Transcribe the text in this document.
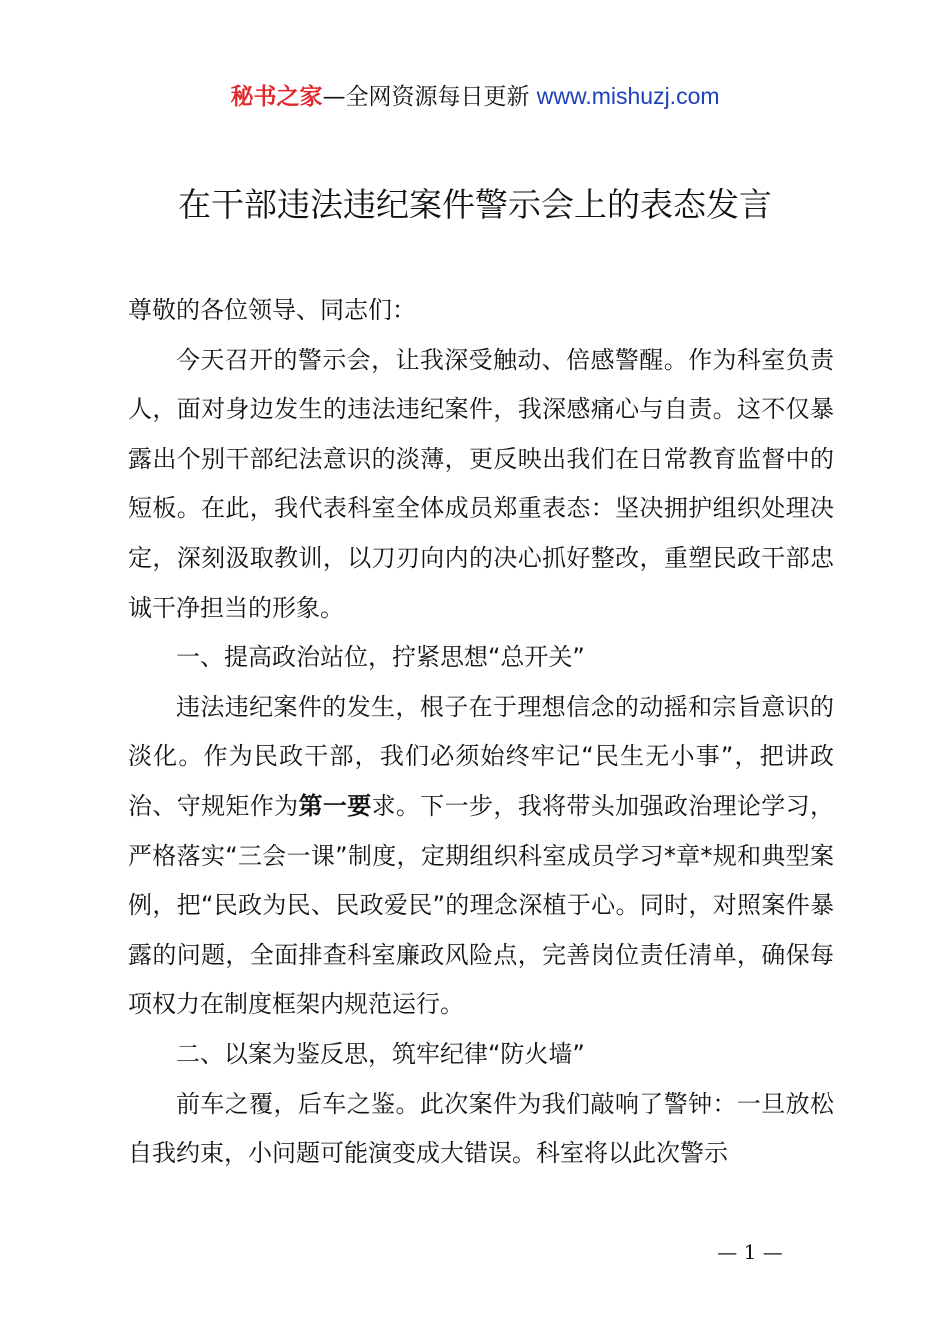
秘书之家—全网资源每日更新 www.mishuzj.com
在干部违法违纪案件警示会上的表态发言

尊敬的各位领导、同志们：

今天召开的警示会，让我深受触动、倍感警醒。作为科室负责人，面对身边发生的违法违纪案件，我深感痛心与自责。这不仅暴露出个别干部纪法意识的淡薄，更反映出我们在日常教育监督中的短板。在此，我代表科室全体成员郑重表态：坚决拥护组织处理决定，深刻汲取教训，以刀刃向内的决心抓好整改，重塑民政干部忠诚干净担当的形象。

一、提高政治站位，拧紧思想“总开关”

违法违纪案件的发生，根子在于理想信念的动摇和宗旨意识的淡化。作为民政干部，我们必须始终牢记“民生无小事”，把讲政治、守规矩作为第一要求。下一步，我将带头加强政治理论学习，严格落实“三会一课”制度，定期组织科室成员学习*章*规和典型案例，把“民政为民、民政爱民”的理念深植于心。同时，对照案件暴露的问题，全面排查科室廉政风险点，完善岗位责任清单，确保每项权力在制度框架内规范运行。

二、以案为鉴反思，筑牢纪律“防火墙”

前车之覆，后车之鉴。此次案件为我们敲响了警钟：一旦放松自我约束，小问题可能演变成大错误。科室将以此次警示

— 1 —
